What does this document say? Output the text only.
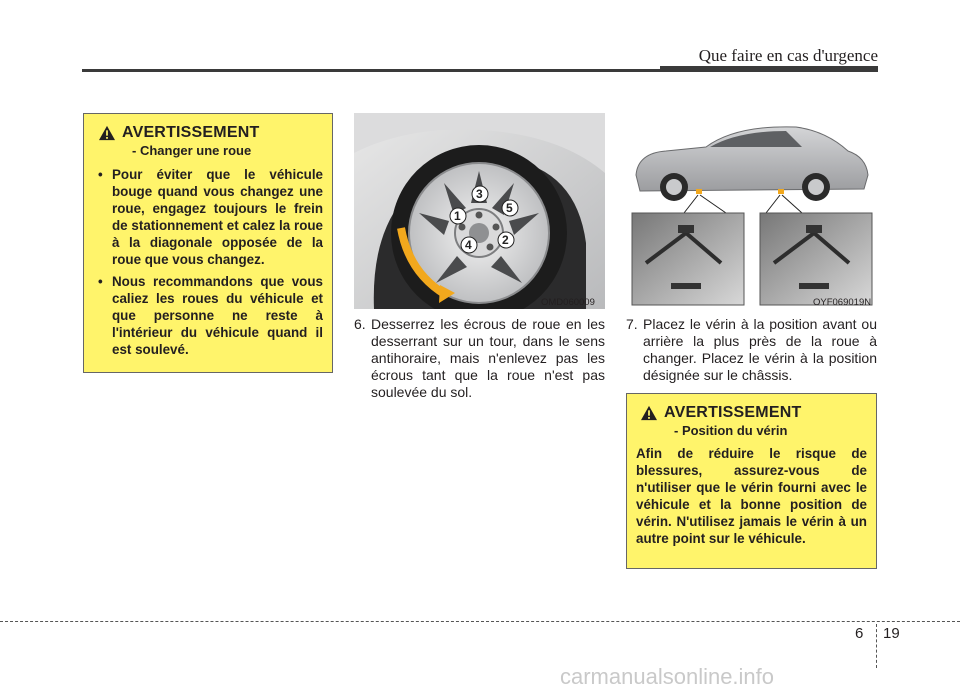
Que faire en cas d'urgence
AVERTISSEMENT
- Changer une roue
• Pour éviter que le véhicule bouge quand vous changez une roue, engagez toujours le frein de stationnement et calez la roue à la diagonale opposée de la roue que vous changez.
• Nous recommandons que vous caliez les roues du véhicule et que personne ne reste à l'intérieur du véhicule quand il est soulevé.
3
5
1
2
4
OMD060009	OYF069019N
6. Desserrez les écrous de roue en les desserrant sur un tour, dans le sens antihoraire, mais n'enlevez pas les écrous tant que la roue n'est pas soulevée du sol.
7. Placez le vérin à la position avant ou arrière la plus près de la roue à changer. Placez le vérin à la position désignée sur le châssis.
AVERTISSEMENT
- Position du vérin
Afin de réduire le risque de blessures, assurez-vous de n'utiliser que le vérin fourni avec le véhicule et la bonne position de vérin. N'utilisez jamais le vérin à un autre point sur le véhicule.
6 19
carmanualsonline.info
